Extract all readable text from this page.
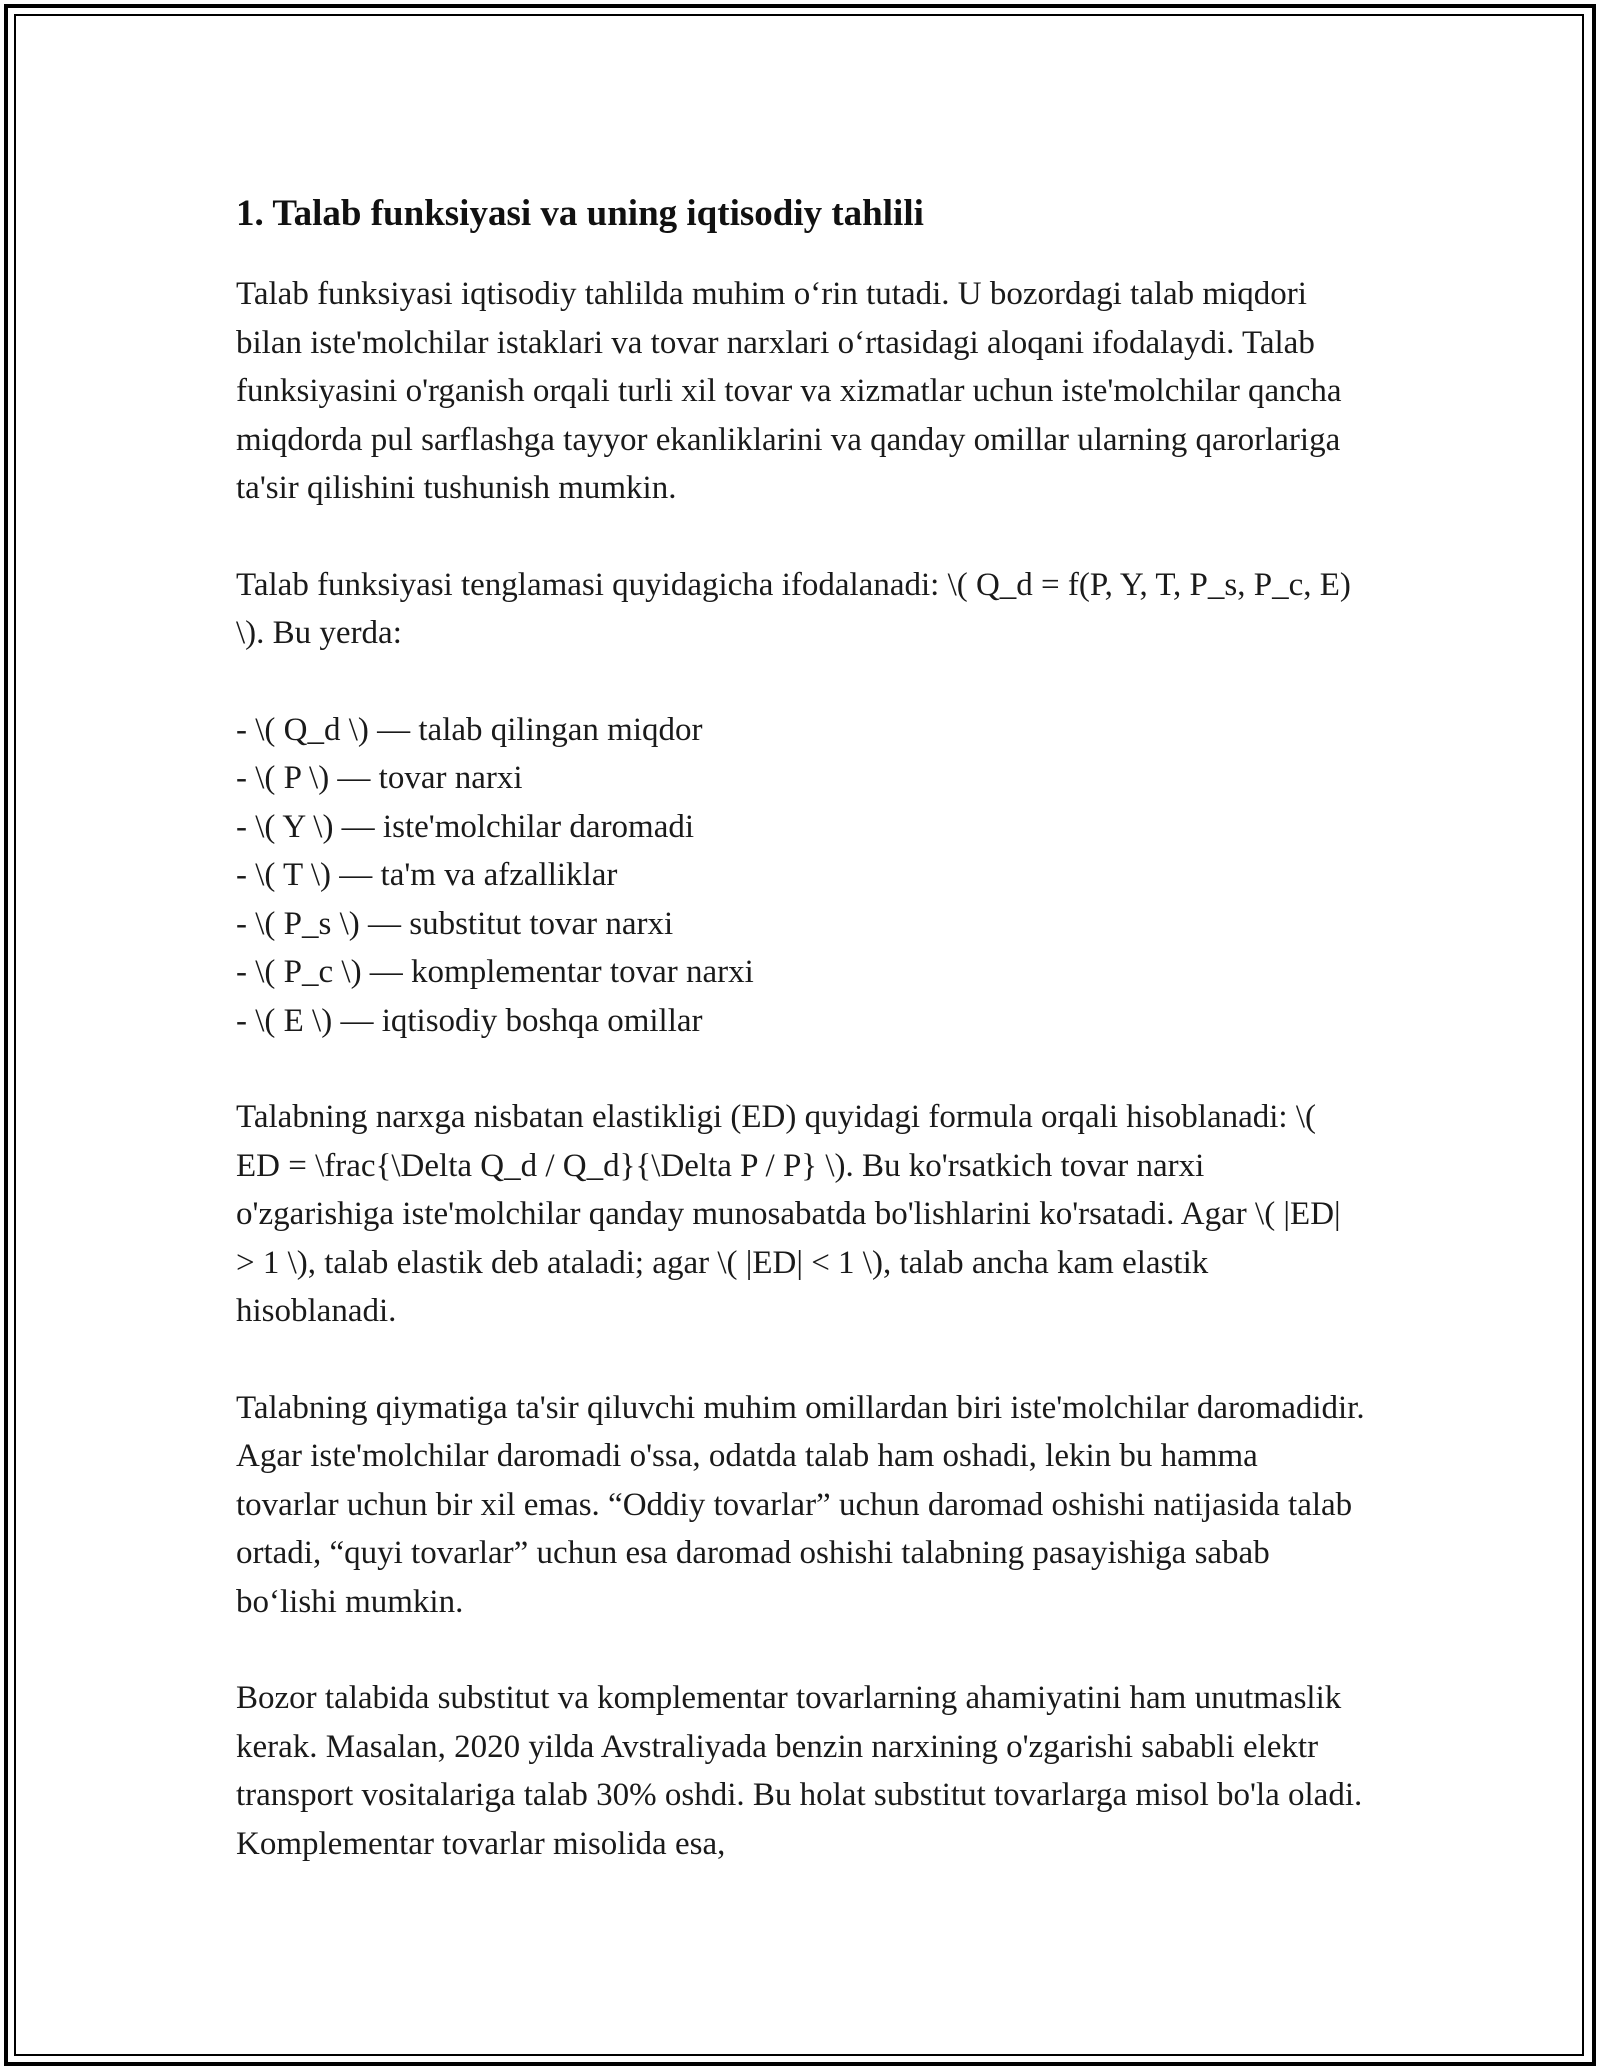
1. Talab funksiyasi va uning iqtisodiy tahlili

Talab funksiyasi iqtisodiy tahlilda muhim o‘rin tutadi. U bozordagi talab miqdori bilan iste'molchilar istaklari va tovar narxlari o‘rtasidagi aloqani ifodalaydi. Talab funksiyasini o'rganish orqali turli xil tovar va xizmatlar uchun iste'molchilar qancha miqdorda pul sarflashga tayyor ekanliklarini va qanday omillar ularning qarorlariga ta'sir qilishini tushunish mumkin.

Talab funksiyasi tenglamasi quyidagicha ifodalanadi: \( Q_d = f(P, Y, T, P_s, P_c, E) \). Bu yerda:

- \( Q_d \) — talab qilingan miqdor
- \( P \) — tovar narxi
- \( Y \) — iste'molchilar daromadi
- \( T \) — ta'm va afzalliklar
- \( P_s \) — substitut tovar narxi
- \( P_c \) — komplementar tovar narxi
- \( E \) — iqtisodiy boshqa omillar

Talabning narxga nisbatan elastikligi (ED) quyidagi formula orqali hisoblanadi: \( ED = \frac{\Delta Q_d / Q_d}{\Delta P / P} \). Bu ko'rsatkich tovar narxi o'zgarishiga iste'molchilar qanday munosabatda bo'lishlarini ko'rsatadi. Agar \( |ED| > 1 \), talab elastik deb ataladi; agar \( |ED| < 1 \), talab ancha kam elastik hisoblanadi.

Talabning qiymatiga ta'sir qiluvchi muhim omillardan biri iste'molchilar daromadidir. Agar iste'molchilar daromadi o'ssa, odatda talab ham oshadi, lekin bu hamma tovarlar uchun bir xil emas. “Oddiy tovarlar” uchun daromad oshishi natijasida talab ortadi, “quyi tovarlar” uchun esa daromad oshishi talabning pasayishiga sabab bo‘lishi mumkin.

Bozor talabida substitut va komplementar tovarlarning ahamiyatini ham unutmaslik kerak. Masalan, 2020 yilda Avstraliyada benzin narxining o'zgarishi sababli elektr transport vositalariga talab 30% oshdi. Bu holat substitut tovarlarga misol bo'la oladi. Komplementar tovarlar misolida esa,
